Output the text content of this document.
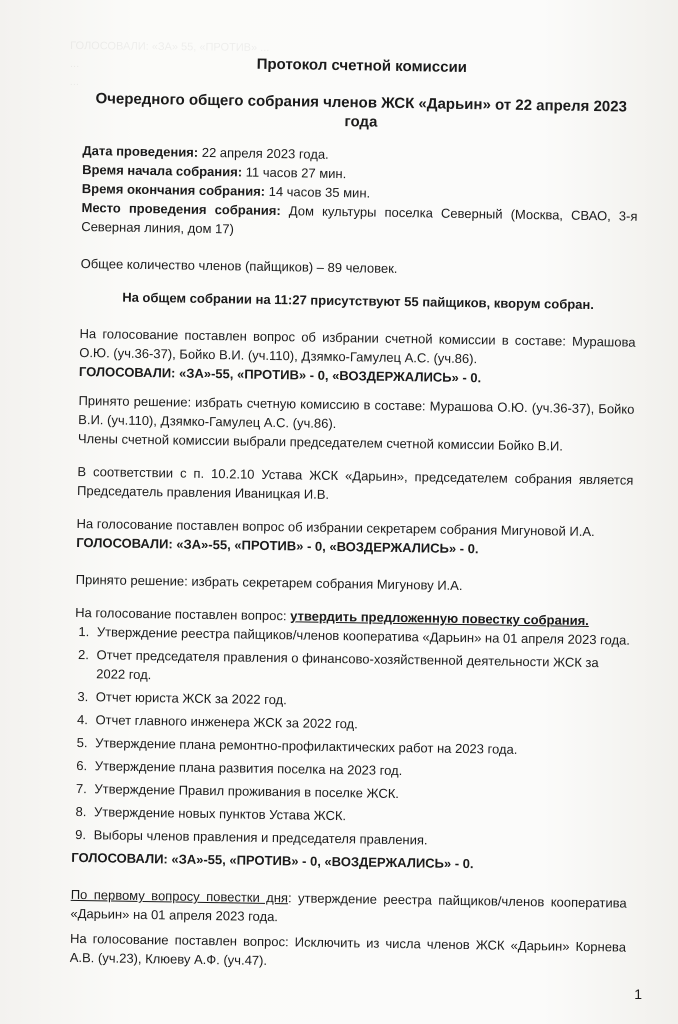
ГОЛОСОВАЛИ: «ЗА» 55, «ПРОТИВ» ...
...
...

Протокол счетной комиссии

Очередного общего собрания членов ЖСК «Дарьин» от 22 апреля 2023 года

Дата проведения: 22 апреля 2023 года.

Время начала собрания: 11 часов 27 мин.

Время окончания собрания: 14 часов 35 мин.

Место проведения собрания: Дом культуры поселка Северный (Москва, СВАО, 3-я Северная линия, дом 17)

Общее количество членов (пайщиков) – 89 человек.

На общем собрании на 11:27 присутствуют 55 пайщиков, кворум собран.

На голосование поставлен вопрос об избрании счетной комиссии в составе: Мурашова О.Ю. (уч.36-37), Бойко В.И. (уч.110), Дзямко-Гамулец А.С. (уч.86).

ГОЛОСОВАЛИ: «ЗА»-55, «ПРОТИВ» - 0, «ВОЗДЕРЖАЛИСЬ» - 0.

Принято решение: избрать счетную комиссию в составе: Мурашова О.Ю. (уч.36-37), Бойко В.И. (уч.110), Дзямко-Гамулец А.С. (уч.86).

Члены счетной комиссии выбрали председателем счетной комиссии Бойко В.И.

В соответствии с п. 10.2.10 Устава ЖСК «Дарьин», председателем собрания является Председатель правления Иваницкая И.В.

На голосование поставлен вопрос об избрании секретарем собрания Мигуновой И.А.

ГОЛОСОВАЛИ: «ЗА»-55, «ПРОТИВ» - 0, «ВОЗДЕРЖАЛИСЬ» - 0.

Принято решение: избрать секретарем собрания Мигунову И.А.

На голосование поставлен вопрос: утвердить предложенную повестку собрания.

1. Утверждение реестра пайщиков/членов кооператива «Дарьин» на 01 апреля 2023 года.
2. Отчет председателя правления о финансово-хозяйственной деятельности ЖСК за 2022 год.
3. Отчет юриста ЖСК за 2022 год.
4. Отчет главного инженера ЖСК за 2022 год.
5. Утверждение плана ремонтно-профилактических работ на 2023 года.
6. Утверждение плана развития поселка на 2023 год.
7. Утверждение Правил проживания в поселке ЖСК.
8. Утверждение новых пунктов Устава ЖСК.
9. Выборы членов правления и председателя правления.

ГОЛОСОВАЛИ: «ЗА»-55, «ПРОТИВ» - 0, «ВОЗДЕРЖАЛИСЬ» - 0.

По первому вопросу повестки дня: утверждение реестра пайщиков/членов кооператива «Дарьин» на 01 апреля 2023 года.

На голосование поставлен вопрос: Исключить из числа членов ЖСК «Дарьин» Корнева А.В. (уч.23), Клюеву А.Ф. (уч.47).

1
